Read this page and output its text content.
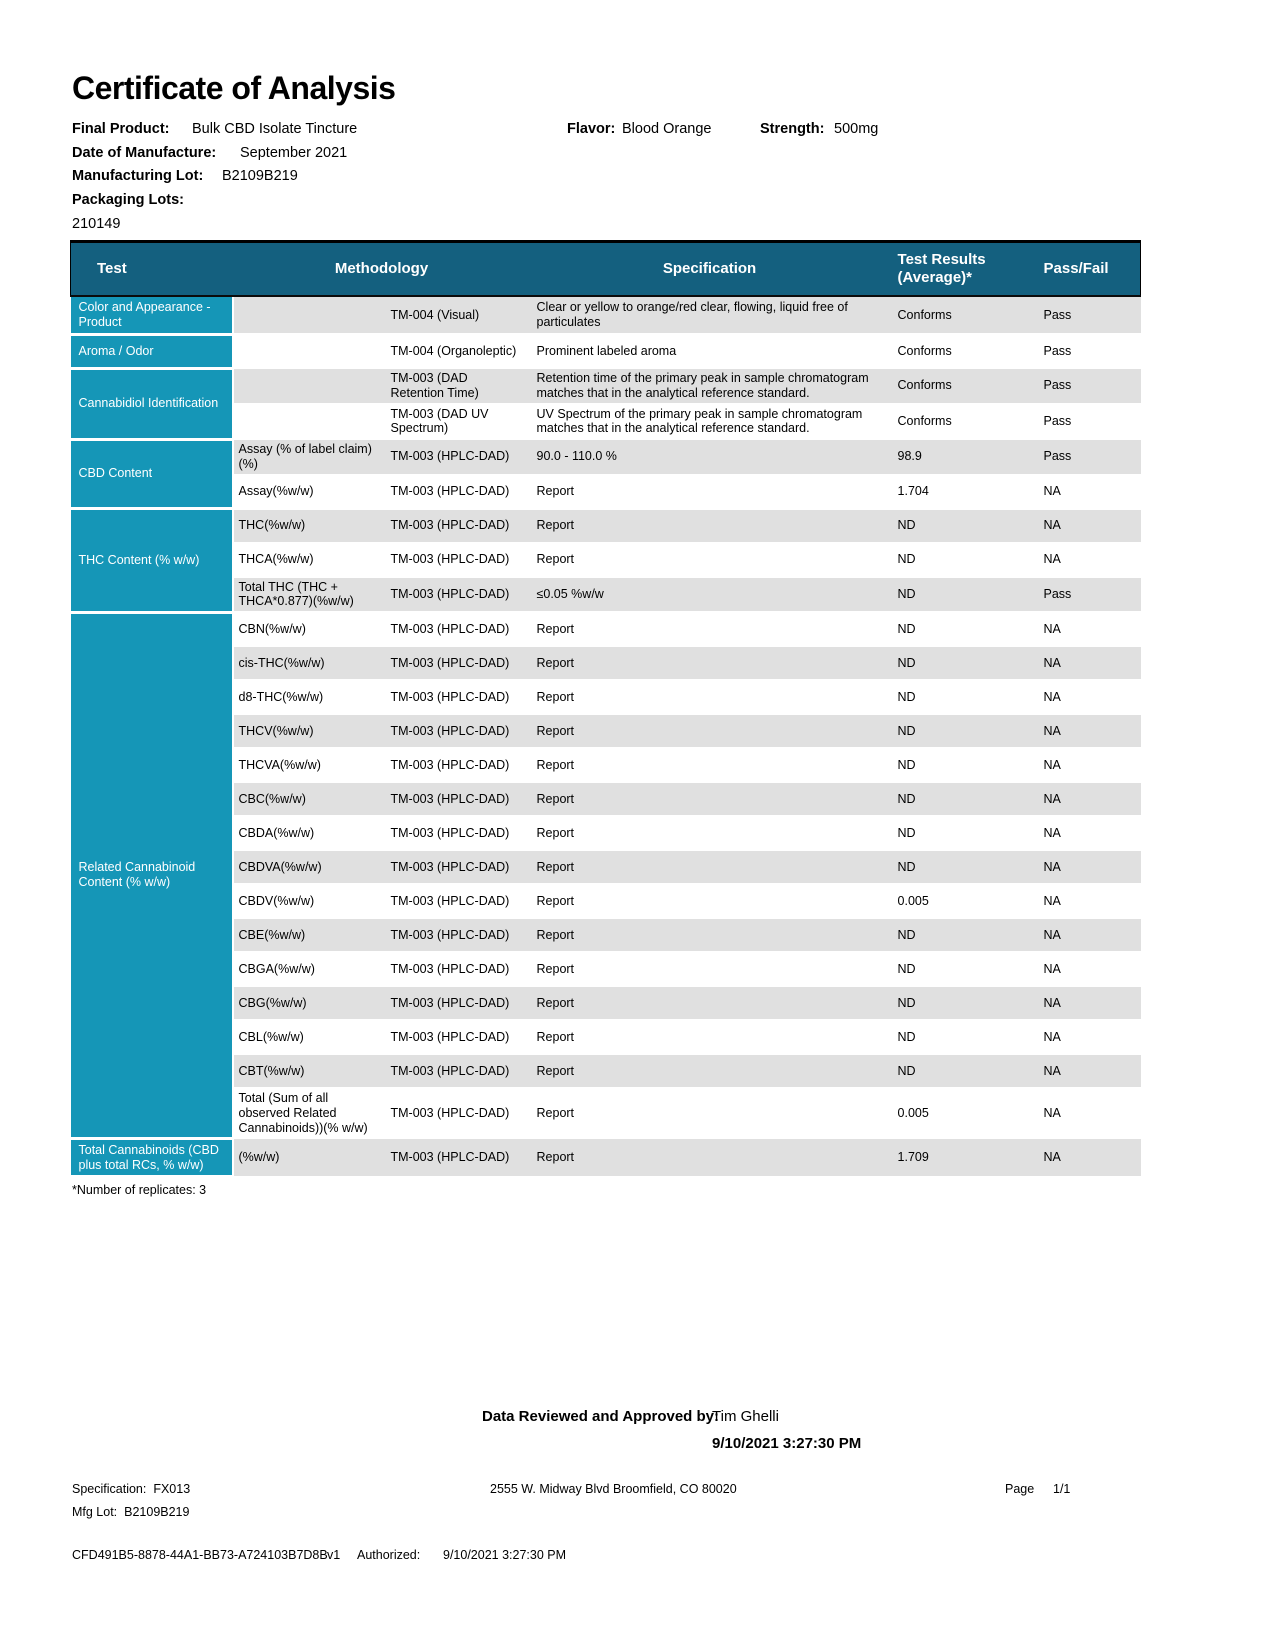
Certificate of Analysis
Final Product: Bulk CBD Isolate Tincture	Flavor: Blood Orange	Strength: 500mg
Date of Manufacture: September 2021
Manufacturing Lot: B2109B219
Packaging Lots:
210149
Test	Methodology		Specification	Test Results (Average)*	Pass/Fail
Color and Appearance - Product		TM-004 (Visual)	Clear or yellow to orange/red clear, flowing, liquid free of particulates	Conforms	Pass
Aroma / Odor		TM-004 (Organoleptic)	Prominent labeled aroma	Conforms	Pass
Cannabidiol Identification		TM-003 (DAD Retention Time)	Retention time of the primary peak in sample chromatogram matches that in the analytical reference standard.	Conforms	Pass
		TM-003 (DAD UV Spectrum)	UV Spectrum of the primary peak in sample chromatogram matches that in the analytical reference standard.	Conforms	Pass
CBD Content	Assay (% of label claim)(%)	TM-003 (HPLC-DAD)	90.0 - 110.0 %	98.9	Pass
	Assay(%w/w)	TM-003 (HPLC-DAD)	Report	1.704	NA
THC Content (% w/w)	THC(%w/w)	TM-003 (HPLC-DAD)	Report	ND	NA
	THCA(%w/w)	TM-003 (HPLC-DAD)	Report	ND	NA
	Total THC (THC + THCA*0.877)(%w/w)	TM-003 (HPLC-DAD)	≤0.05 %w/w	ND	Pass
Related Cannabinoid Content (% w/w)	CBN(%w/w)	TM-003 (HPLC-DAD)	Report	ND	NA
	cis-THC(%w/w)	TM-003 (HPLC-DAD)	Report	ND	NA
	d8-THC(%w/w)	TM-003 (HPLC-DAD)	Report	ND	NA
	THCV(%w/w)	TM-003 (HPLC-DAD)	Report	ND	NA
	THCVA(%w/w)	TM-003 (HPLC-DAD)	Report	ND	NA
	CBC(%w/w)	TM-003 (HPLC-DAD)	Report	ND	NA
	CBDA(%w/w)	TM-003 (HPLC-DAD)	Report	ND	NA
	CBDVA(%w/w)	TM-003 (HPLC-DAD)	Report	ND	NA
	CBDV(%w/w)	TM-003 (HPLC-DAD)	Report	0.005	NA
	CBE(%w/w)	TM-003 (HPLC-DAD)	Report	ND	NA
	CBGA(%w/w)	TM-003 (HPLC-DAD)	Report	ND	NA
	CBG(%w/w)	TM-003 (HPLC-DAD)	Report	ND	NA
	CBL(%w/w)	TM-003 (HPLC-DAD)	Report	ND	NA
	CBT(%w/w)	TM-003 (HPLC-DAD)	Report	ND	NA
	Total (Sum of all observed Related Cannabinoids))(% w/w)	TM-003 (HPLC-DAD)	Report	0.005	NA
Total Cannabinoids (CBD plus total RCs, % w/w)	(%w/w)	TM-003 (HPLC-DAD)	Report	1.709	NA
*Number of replicates: 3
Data Reviewed and Approved by:
Tim Ghelli
9/10/2021 3:27:30 PM
Specification: FX013	2555 W. Midway Blvd Broomfield, CO 80020	Page 1/1
Mfg Lot: B2109B219
CFD491B5-8878-44A1-BB73-A724103B7D8B v1 Authorized: 9/10/2021 3:27:30 PM
